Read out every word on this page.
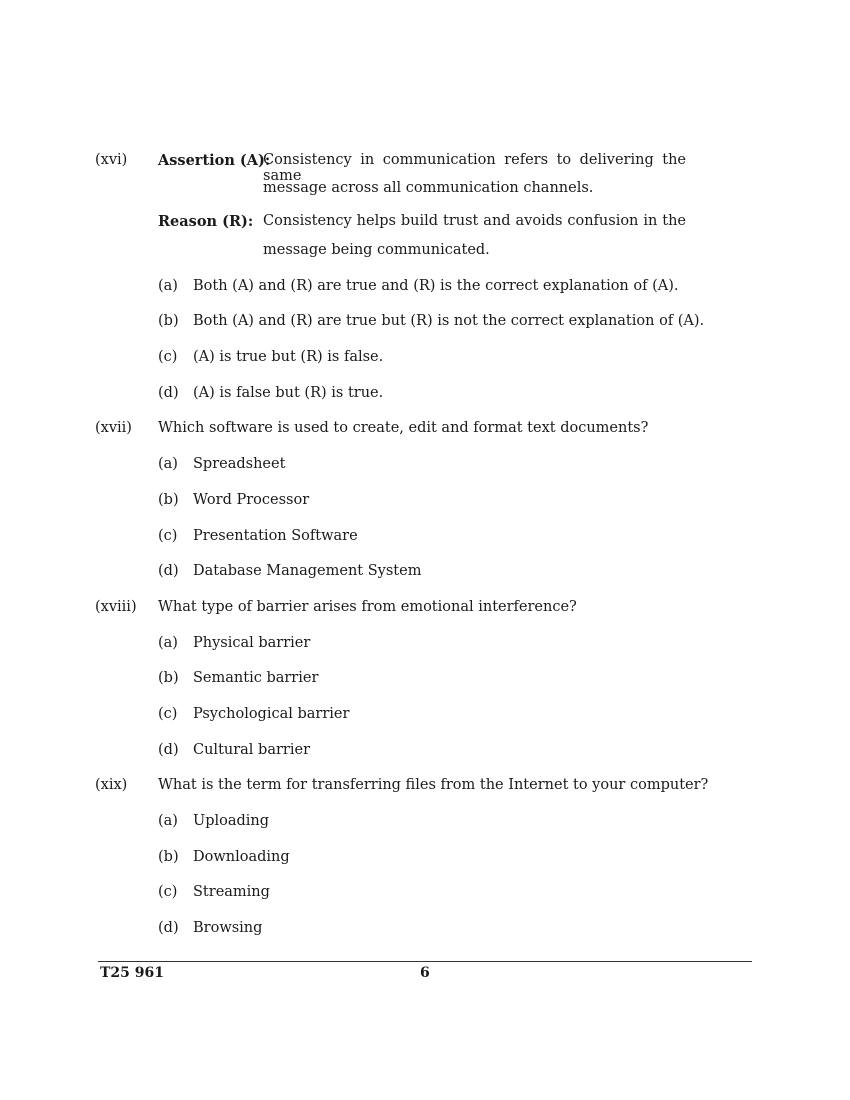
(xvi) Assertion (A):
Consistency in communication refers to delivering the same
message across all communication channels.
Reason (R): Consistency helps build trust and avoids confusion in the
message being communicated.
(a) Both (A) and (R) are true and (R) is the correct explanation of (A).
(b) Both (A) and (R) are true but (R) is not the correct explanation of (A).
(c) (A) is true but (R) is false.
(d) (A) is false but (R) is true.
(xvii) Which software is used to create, edit and format text documents?
(a) Spreadsheet
(b) Word Processor
(c) Presentation Software
(d) Database Management System
(xviii) What type of barrier arises from emotional interference?
(a) Physical barrier
(b) Semantic barrier
(c) Psychological barrier
(d) Cultural barrier
(xix) What is the term for transferring files from the Internet to your computer?
(a) Uploading
(b) Downloading
(c) Streaming
(d) Browsing
T25 961	6
